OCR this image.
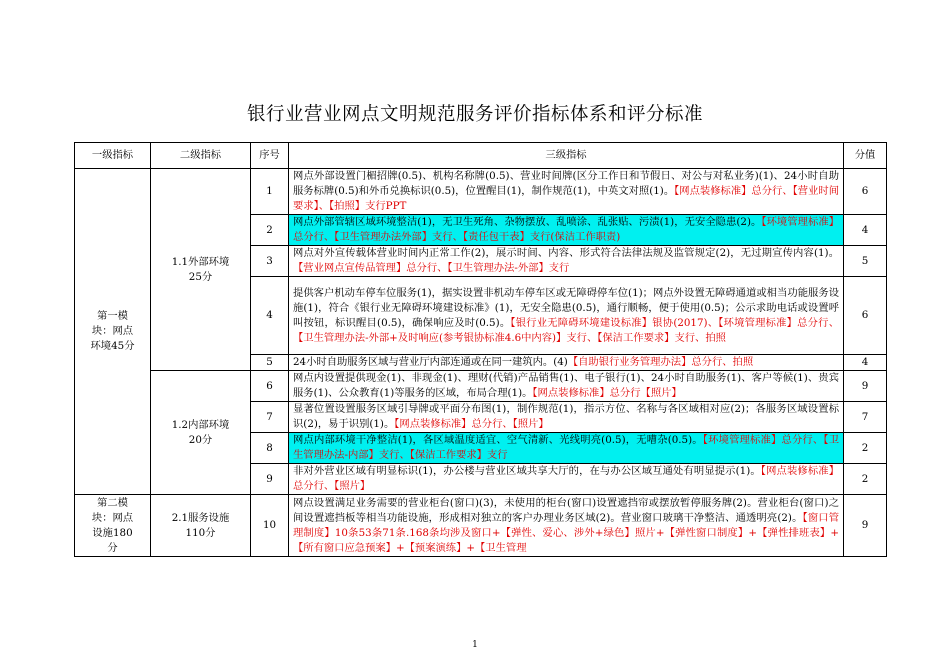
银行业营业网点文明规范服务评价指标体系和评分标准
一级指标	二级指标	序号	三级指标	分值
第一模块：网点环境45分	1.1外部环境25分	1	网点外部设置门楣招牌(0.5)、机构名称牌(0.5)、营业时间牌(区分工作日和节假日、对公与对私业务)(1)、24小时自助服务标牌(0.5)和外币兑换标识(0.5)，位置醒目(1)，制作规范(1)，中英文对照(1)。【网点装修标准】总分行、【营业时间要求】、【拍照】支行PPT	6
		2	网点外部管辖区域环境整洁(1)，无卫生死角、杂物摆放、乱喷涂、乱张贴、污渍(1)，无安全隐患(2)。【环境管理标准】总分行、【卫生管理办法外部】支行、【责任包干表】支行(保洁工作职责)	4
		3	网点对外宣传载体营业时间内正常工作(2)，展示时间、内容、形式符合法律法规及监管规定(2)，无过期宣传内容(1)。【营业网点宣传品管理】总分行、【卫生管理办法-外部】支行	5
		4	提供客户机动车停车位服务(1)，据实设置非机动车停车区或无障碍停车位(1)；网点外设置无障碍通道或相当功能服务设施(1)，符合《银行业无障碍环境建设标准》(1)，无安全隐患(0.5)，通行顺畅，便于使用(0.5)；公示求助电话或设置呼叫按钮，标识醒目(0.5)，确保响应及时(0.5)。【银行业无障碍环境建设标准】银协(2017)、【环境管理标准】总分行、【卫生管理办法-外部+及时响应(参考银协标准4.6中内容)】支行、【保洁工作要求】支行、拍照	6
		5	24小时自助服务区域与营业厅内部连通或在同一建筑内。(4)【自助银行业务管理办法】总分行、拍照	4
	1.2内部环境20分	6	网点内设置提供现金(1)、非现金(1)、理财(代销)产品销售(1)、电子银行(1)、24小时自助服务(1)、客户等候(1)、贵宾服务(1)、公众教育(1)等服务的区域，布局合理(1)。【网点装修标准】总分行【照片】	9
		7	显著位置设置服务区域引导牌或平面分布图(1)，制作规范(1)，指示方位、名称与各区域相对应(2)；各服务区域设置标识(2)，易于识别(1)。【网点装修标准】总分行、【照片】	7
		8	网点内部环境干净整洁(1)，各区域温度适宜、空气清新、光线明亮(0.5)，无嘈杂(0.5)。【环境管理标准】总分行、【卫生管理办法-内部】支行、【保洁工作要求】支行	2
		9	非对外营业区域有明显标识(1)，办公楼与营业区域共享大厅的，在与办公区域互通处有明显提示(1)。【网点装修标准】总分行、【照片】	2
第二模块：网点设施180分	2.1服务设施110分	10	网点设置满足业务需要的营业柜台(窗口)(3)，未使用的柜台(窗口)设置遮挡帘或摆放暂停服务牌(2)。营业柜台(窗口)之间设置遮挡板等相当功能设施，形成相对独立的客户办理业务区域(2)。营业窗口玻璃干净整洁、通透明亮(2)。【窗口管理制度】10条53条71条.168条均涉及窗口+【弹性、爱心、涉外+绿色】照片+【弹性窗口制度】+【弹性排班表】+【所有窗口应急预案】+【预案演练】+【卫生管理	9
1
